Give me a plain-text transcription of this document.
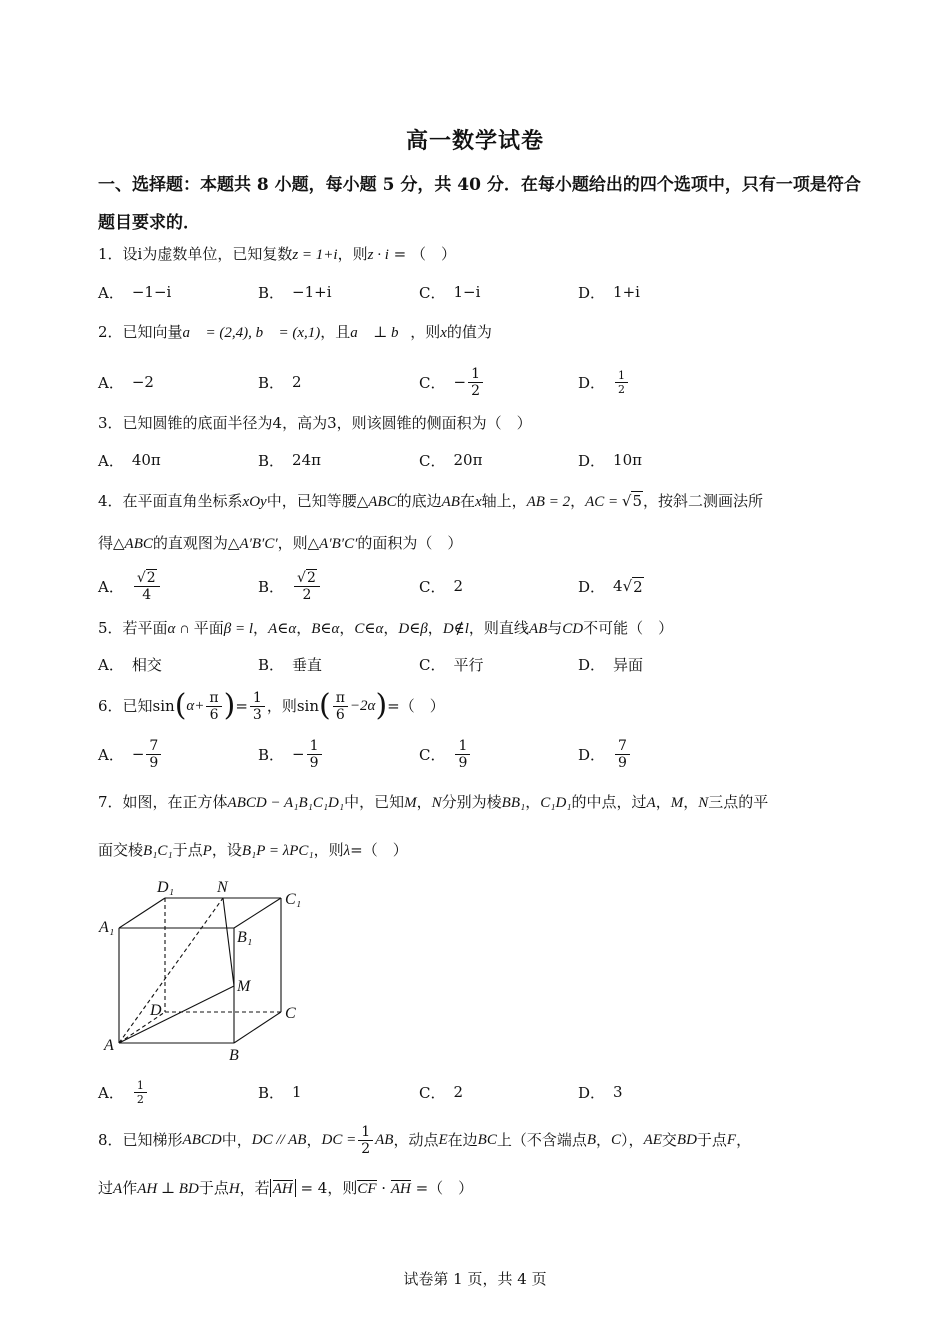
高一数学试卷
一、选择题：本题共 8 小题，每小题 5 分，共 40 分．在每小题给出的四个选项中，只有一项是符合题目要求的．
1．设i为虚数单位，已知复数z = 1+i，则z · i = （　）
A． −1−i	B． −1+i	C． 1−i	D． 1+i
2．已知向量a⃗ = (2,4), b⃗ = (x,1)，且a⃗ ⊥ b⃗，则x的值为
A． −2	B． 2	C． − $\frac{1}{2}$	D． $\frac{1}{2}$
3．已知圆锥的底面半径为4，高为3，则该圆锥的侧面积为（　）
A． 40π	B． 24π	C． 20π	D． 10π
4．在平面直角坐标系xOy中，已知等腰△ABC的底边AB在x轴上，AB = 2，AC = √5，按斜二测画法所
得△ABC的直观图为△A′B′C′，则△A′B′C′的面积为（　）
A． $\frac{√2}{4}$	B． $\frac{√2}{2}$	C． 2	D． 4 √ 2
5．若平面α ∩ 平面β = l，A∈α，B∈α，C∈α，D∈β，D∉l，则直线AB与CD不可能（　）
A． 相交	B． 垂直	C． 平行	D． 异面
6．已知 sin ( $\alpha+ \frac{\pi}{6}$ ) = $\frac{1}{3}$ ，则 sin ( $\frac{\pi}{6} -2\alpha$ ) =（　）
A． − $\frac{7}{9}$	B． − $\frac{1}{9}$	C． $\frac{1}{9}$	D． $\frac{7}{9}$
7．如图，在正方体ABCD − A₁B₁C₁D₁中，已知M，N分别为棱BB₁，C₁D₁的中点，过A，M，N三点的平
面交棱B₁C₁于点P，设B₁P = λPC₁，则λ=（　）
D₁	N
C₁
A₁
B₁
M
D	C
A
B
A． $\frac{1}{2}$	B． 1	C． 2	D． 3
8．已知梯形 ABCD 中， DC // AB ， DC = $\frac{1}{2}$ AB ，动点 E 在边 BC 上（不含端点 B ， C ）， AE 交 BD 于点 F ，
过A作AH ⊥ BD于点H，若 AH = 4，则CF · AH =（　）
试卷第 1 页，共 4 页
